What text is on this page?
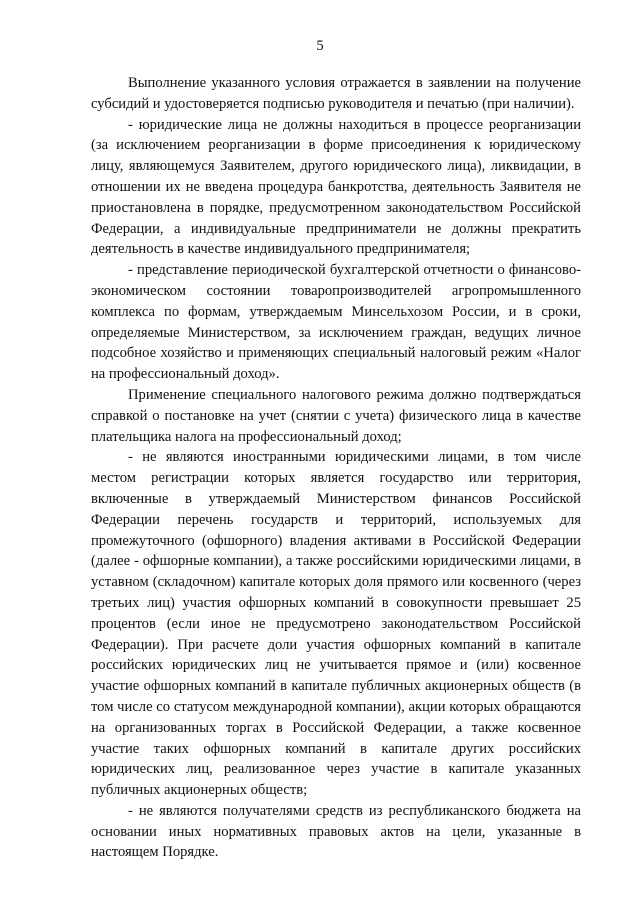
5

Выполнение указанного условия отражается в заявлении на получение субсидий и удостоверяется подписью руководителя и печатью (при наличии).

- юридические лица не должны находиться в процессе реорганизации (за исключением реорганизации в форме присоединения к юридическому лицу, являющемуся Заявителем, другого юридического лица), ликвидации, в отношении их не введена процедура банкротства, деятельность Заявителя не приостановлена в порядке, предусмотренном законодательством Российской Федерации, а индивидуальные предприниматели не должны прекратить деятельность в качестве индивидуального предпринимателя;

- представление периодической бухгалтерской отчетности о финансово-экономическом состоянии товаропроизводителей агропромышленного комплекса по формам, утверждаемым Минсельхозом России, и в сроки, определяемые Министерством, за исключением граждан, ведущих личное подсобное хозяйство и применяющих специальный налоговый режим «Налог на профессиональный доход».

Применение специального налогового режима должно подтверждаться справкой о постановке на учет (снятии с учета) физического лица в качестве плательщика налога на профессиональный доход;

- не являются иностранными юридическими лицами, в том числе местом регистрации которых является государство или территория, включенные в утверждаемый Министерством финансов Российской Федерации перечень государств и территорий, используемых для промежуточного (офшорного) владения активами в Российской Федерации (далее - офшорные компании), а также российскими юридическими лицами, в уставном (складочном) капитале которых доля прямого или косвенного (через третьих лиц) участия офшорных компаний в совокупности превышает 25 процентов (если иное не предусмотрено законодательством Российской Федерации). При расчете доли участия офшорных компаний в капитале российских юридических лиц не учитывается прямое и (или) косвенное участие офшорных компаний в капитале публичных акционерных обществ (в том числе со статусом международной компании), акции которых обращаются на организованных торгах в Российской Федерации, а также косвенное участие таких офшорных компаний в капитале других российских юридических лиц, реализованное через участие в капитале указанных публичных акционерных обществ;

- не являются получателями средств из республиканского бюджета на основании иных нормативных правовых актов на цели, указанные в настоящем Порядке.
